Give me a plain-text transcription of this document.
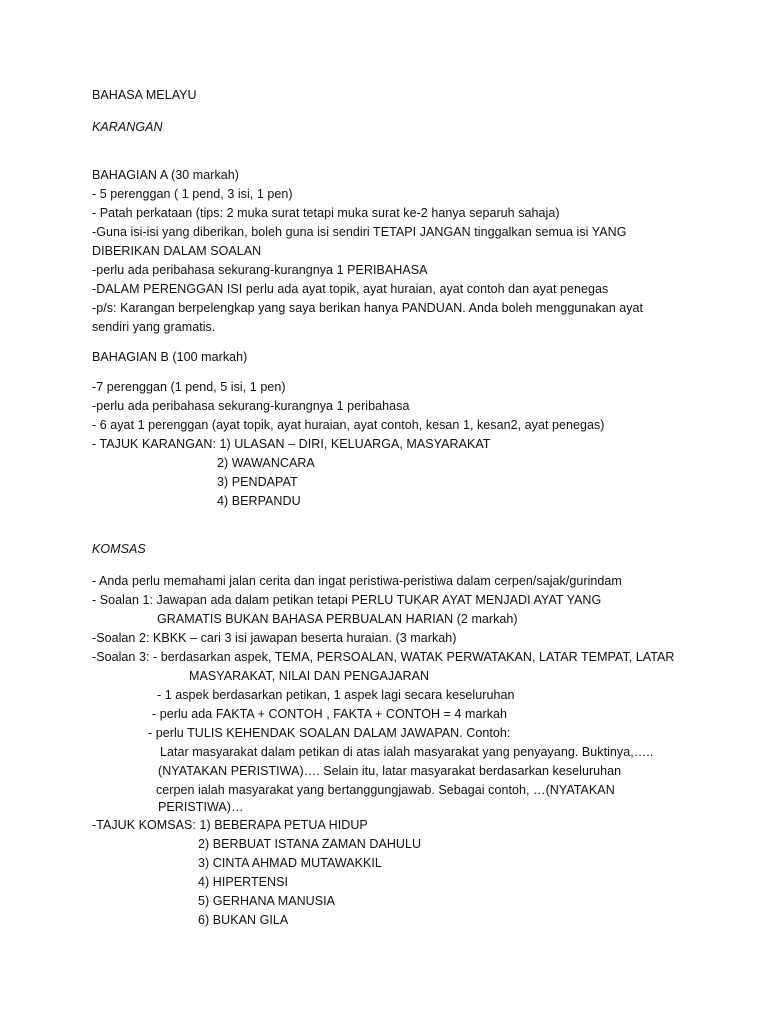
BAHASA MELAYU
KARANGAN
BAHAGIAN A (30 markah)
- 5 perenggan ( 1 pend, 3 isi, 1 pen)
- Patah perkataan (tips: 2 muka surat tetapi muka surat ke-2 hanya separuh sahaja)
-Guna isi-isi yang diberikan, boleh guna isi sendiri TETAPI JANGAN tinggalkan semua isi YANG
DIBERIKAN DALAM SOALAN
-perlu ada peribahasa sekurang-kurangnya 1 PERIBAHASA
-DALAM PERENGGAN ISI perlu ada ayat topik, ayat huraian, ayat contoh dan ayat penegas
-p/s: Karangan berpelengkap yang saya berikan hanya PANDUAN. Anda boleh menggunakan ayat
sendiri yang gramatis.
BAHAGIAN B (100 markah)
-7 perenggan (1 pend, 5 isi, 1 pen)
-perlu ada peribahasa sekurang-kurangnya 1 peribahasa
- 6 ayat 1 perenggan (ayat topik, ayat huraian, ayat contoh, kesan 1, kesan2, ayat penegas)
- TAJUK KARANGAN: 1) ULASAN – DIRI, KELUARGA, MASYARAKAT
2) WAWANCARA
3) PENDAPAT
4) BERPANDU
KOMSAS
- Anda perlu memahami jalan cerita dan ingat peristiwa-peristiwa dalam cerpen/sajak/gurindam
- Soalan 1: Jawapan ada dalam petikan tetapi PERLU TUKAR AYAT MENJADI AYAT YANG
GRAMATIS BUKAN BAHASA PERBUALAN HARIAN (2 markah)
-Soalan 2: KBKK – cari 3 isi jawapan beserta huraian. (3 markah)
-Soalan 3: - berdasarkan aspek, TEMA, PERSOALAN, WATAK PERWATAKAN, LATAR TEMPAT, LATAR
MASYARAKAT, NILAI DAN PENGAJARAN
- 1 aspek berdasarkan petikan, 1 aspek lagi secara keseluruhan
- perlu ada FAKTA + CONTOH , FAKTA + CONTOH = 4 markah
- perlu TULIS KEHENDAK SOALAN DALAM JAWAPAN. Contoh:
Latar masyarakat dalam petikan di atas ialah masyarakat yang penyayang. Buktinya,…..
(NYATAKAN PERISTIWA)…. Selain itu, latar masyarakat berdasarkan keseluruhan
cerpen ialah masyarakat yang bertanggungjawab. Sebagai contoh, …(NYATAKAN
PERISTIWA)…
-TAJUK KOMSAS: 1) BEBERAPA PETUA HIDUP
2) BERBUAT ISTANA ZAMAN DAHULU
3) CINTA AHMAD MUTAWAKKIL
4) HIPERTENSI
5) GERHANA MANUSIA
6) BUKAN GILA
